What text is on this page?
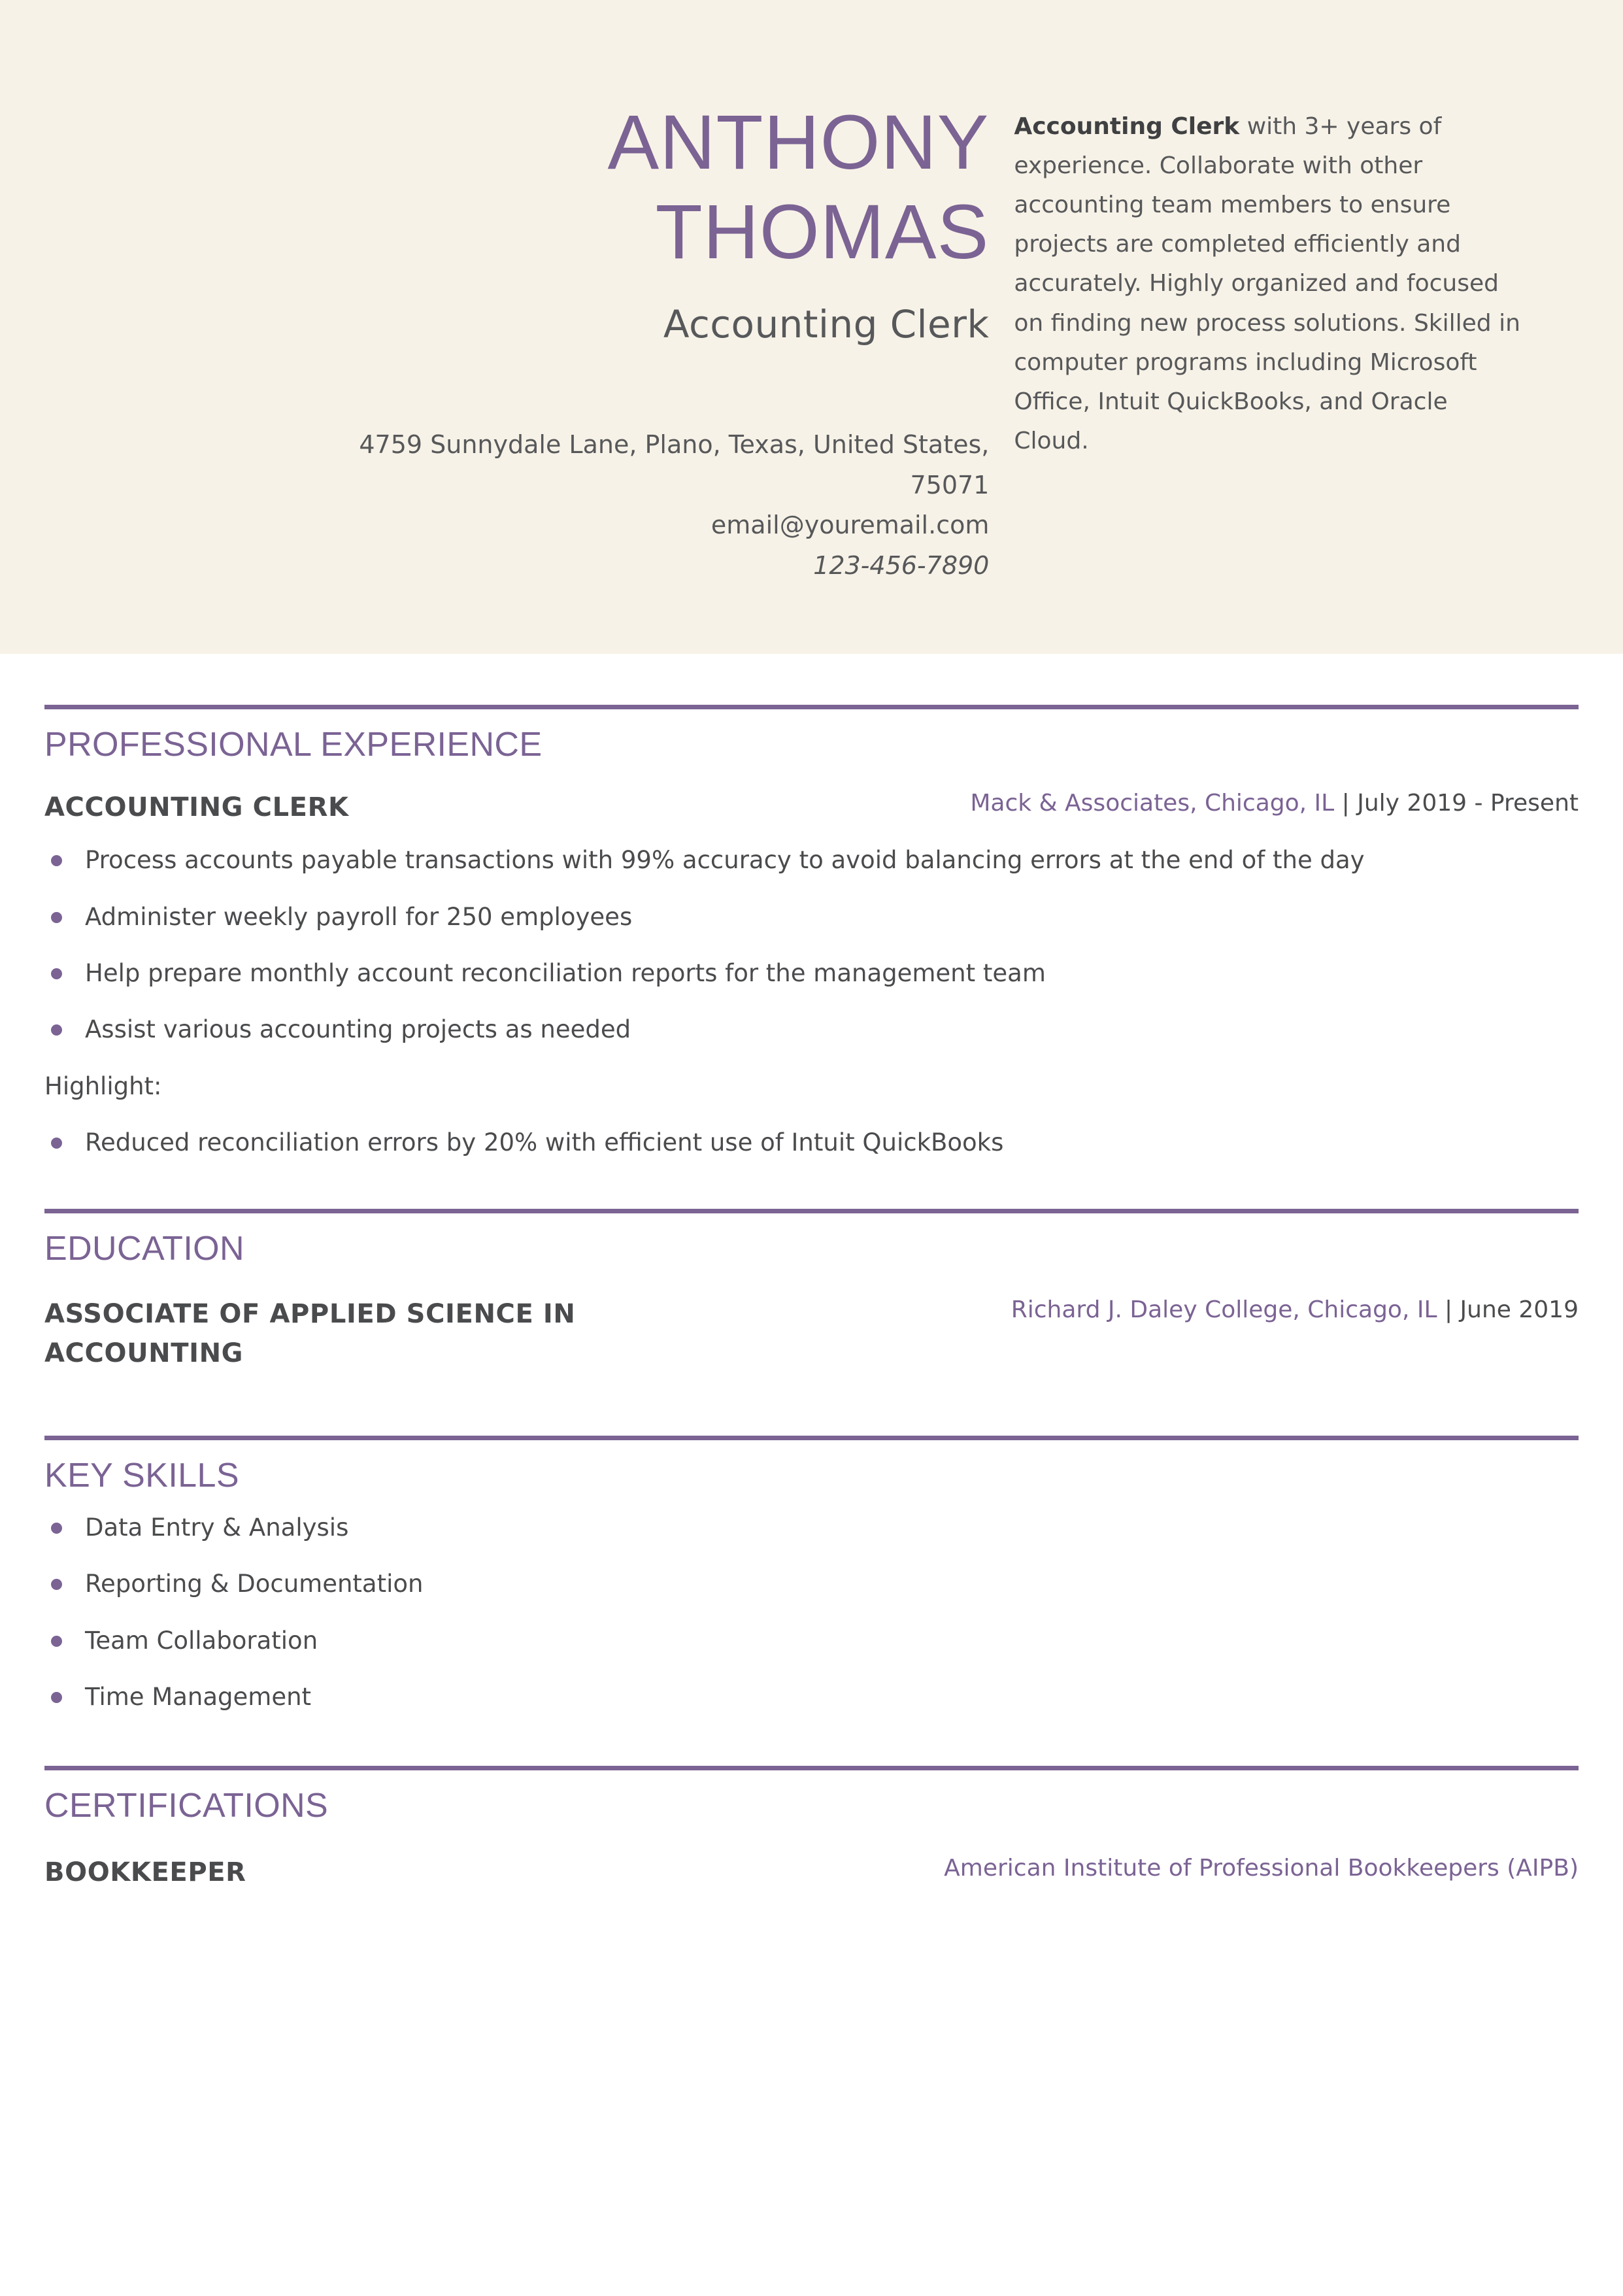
ANTHONY
THOMAS
Accounting Clerk
4759 Sunnydale Lane, Plano, Texas, United States,
75071
email@youremail.com
123-456-7890
Accounting Clerk with 3+ years of experience. Collaborate with other accounting team members to ensure projects are completed efficiently and accurately. Highly organized and focused on finding new process solutions. Skilled in computer programs including Microsoft Office, Intuit QuickBooks, and Oracle Cloud.
PROFESSIONAL EXPERIENCE
ACCOUNTING CLERK	Mack & Associates, Chicago, IL | July 2019 - Present
Process accounts payable transactions with 99% accuracy to avoid balancing errors at the end of the day
Administer weekly payroll for 250 employees
Help prepare monthly account reconciliation reports for the management team
Assist various accounting projects as needed
Highlight:
Reduced reconciliation errors by 20% with efficient use of Intuit QuickBooks
EDUCATION
ASSOCIATE OF APPLIED SCIENCE IN ACCOUNTING
Richard J. Daley College, Chicago, IL | June 2019
KEY SKILLS
Data Entry & Analysis
Reporting & Documentation
Team Collaboration
Time Management
CERTIFICATIONS
BOOKKEEPER	American Institute of Professional Bookkeepers (AIPB)
